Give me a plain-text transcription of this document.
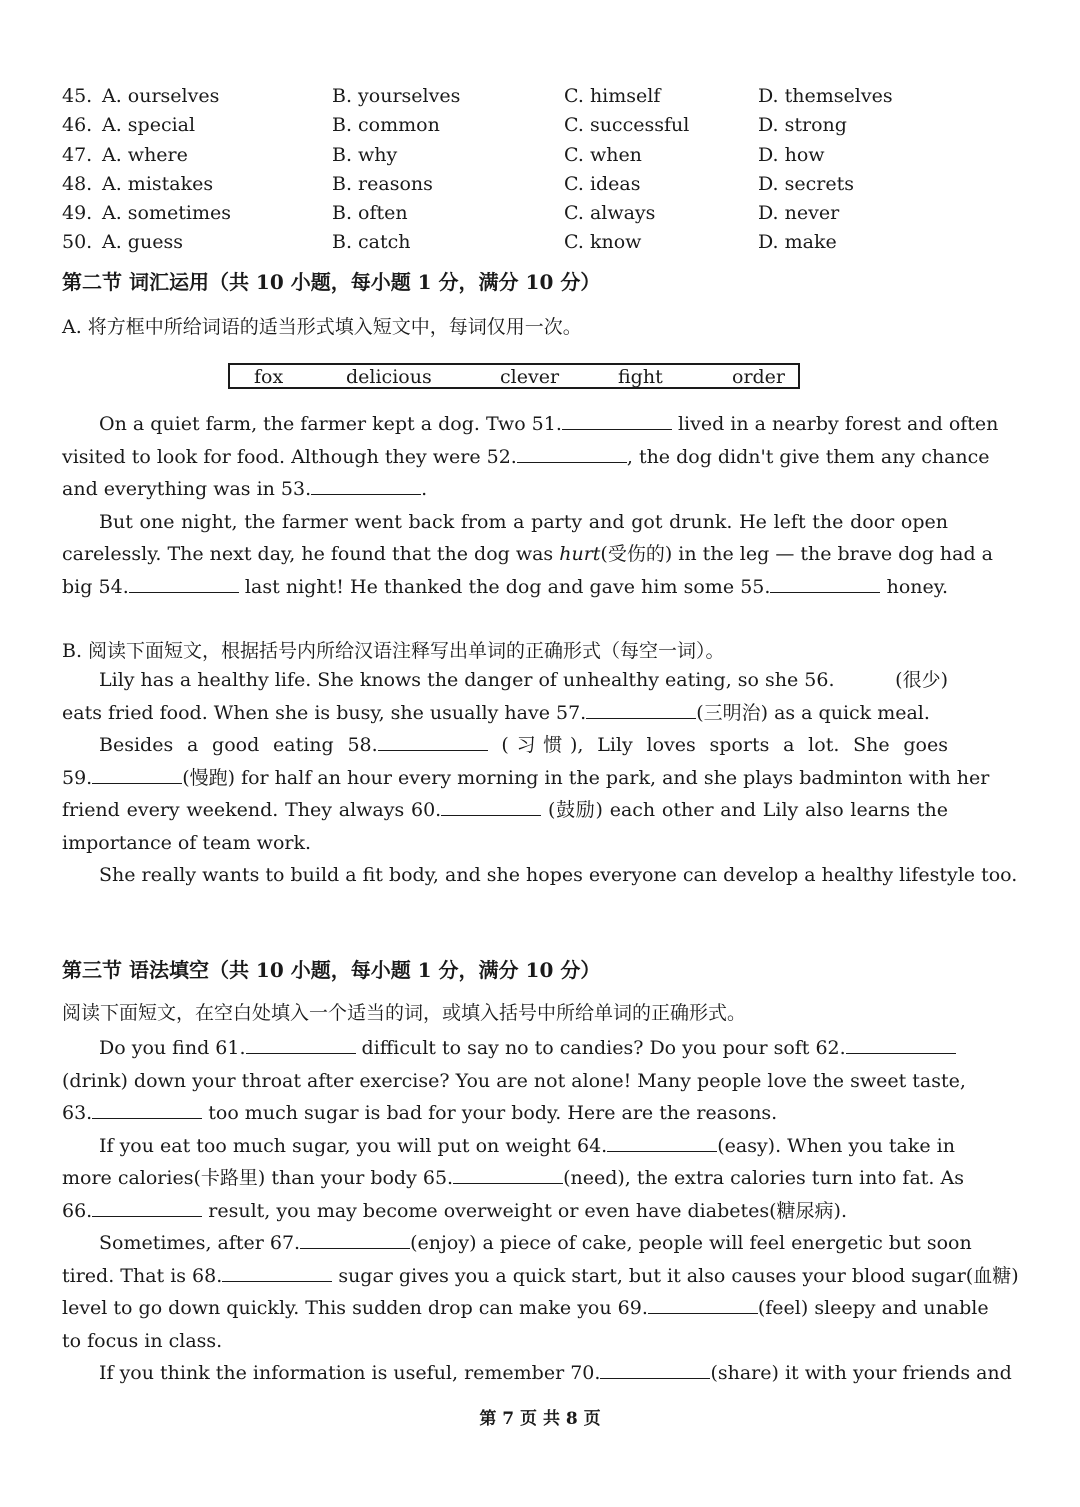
45. A. ourselves	B. yourselves	C. himself	D. themselves
46. A. special	B. common	C. successful	D. strong
47. A. where	B. why	C. when	D. how
48. A. mistakes	B. reasons	C. ideas	D. secrets
49. A. sometimes	B. often	C. always	D. never
50. A. guess	B. catch	C. know	D. make
第二节 词汇运用（共 10 小题，每小题 1 分，满分 10 分）
A. 将方框中所给词语的适当形式填入短文中，每词仅用一次。
fox	delicious	clever	fight	order
On a quiet farm, the farmer kept a dog. Two 51.	lived in a nearby forest and often
visited to look for food. Although they were 52.	, the dog didn't give them any chance
and everything was in 53.	.
But one night, the farmer went back from a party and got drunk. He left the door open
carelessly. The next day, he found that the dog was hurt(受伤的) in the leg — the brave dog had a
big 54.	last night! He thanked the dog and gave him some 55.	honey.
B. 阅读下面短文，根据括号内所给汉语注释写出单词的正确形式（每空一词）。
Lily has a healthy life. She knows the danger of unhealthy eating, so she 56.	(很少)
eats fried food. When she is busy, she usually have 57.	(三明治) as a quick meal.
Besides a good eating 58.	(习惯), Lily loves sports a lot. She goes
59.	(慢跑) for half an hour every morning in the park, and she plays badminton with her
friend every weekend. They always 60.	(鼓励) each other and Lily also learns the
importance of team work.
She really wants to build a fit body, and she hopes everyone can develop a healthy lifestyle too.
第三节 语法填空（共 10 小题，每小题 1 分，满分 10 分）
阅读下面短文，在空白处填入一个适当的词，或填入括号中所给单词的正确形式。
Do you find 61.	difficult to say no to candies? Do you pour soft 62.
(drink) down your throat after exercise? You are not alone! Many people love the sweet taste,
63.	too much sugar is bad for your body. Here are the reasons.
If you eat too much sugar, you will put on weight 64.	(easy). When you take in
more calories(卡路里) than your body 65.	(need), the extra calories turn into fat. As
66.	result, you may become overweight or even have diabetes(糖尿病).
Sometimes, after 67.	(enjoy) a piece of cake, people will feel energetic but soon
tired. That is 68.	sugar gives you a quick start, but it also causes your blood sugar(血糖)
level to go down quickly. This sudden drop can make you 69.	(feel) sleepy and unable
to focus in class.
If you think the information is useful, remember 70.	(share) it with your friends and
第 7 页 共 8 页
